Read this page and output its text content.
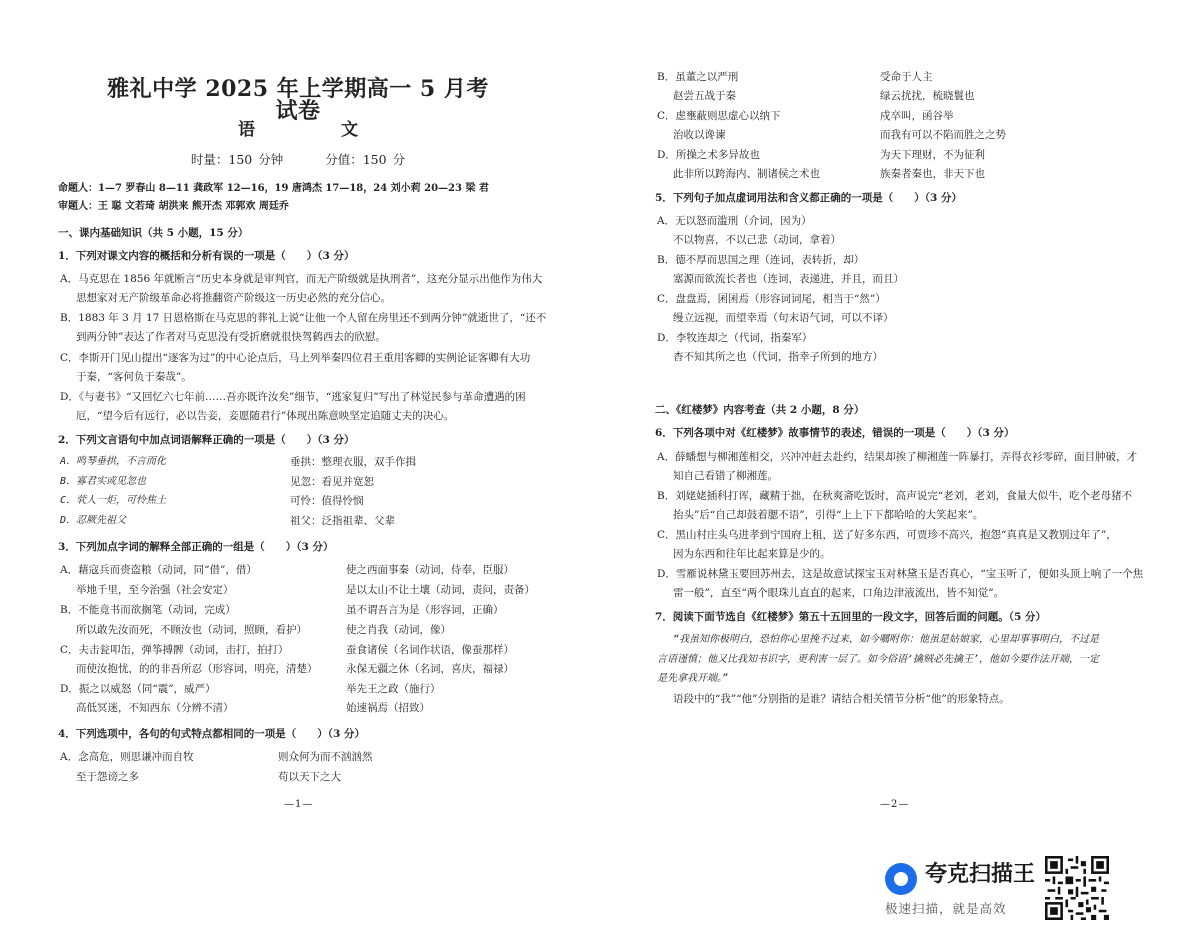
雅礼中学 2025 年上学期高一 5 月考试卷
语 文
时量：150 分钟	分值：150 分
命题人：1—7 罗春山 8—11 龚政军 12—16，19 唐鸿杰 17—18，24 刘小莉 20—23 梁 君
审题人：王 聪 文若琦 胡洪来 熊开杰 邓郭欢 周廷乔
一、课内基础知识（共 5 小题，15 分）
1．下列对课文内容的概括和分析有误的一项是（　　）（3 分）
A．马克思在 1856 年就断言“历史本身就是审判官，而无产阶级就是执刑者”，这充分显示出他作为伟大
思想家对无产阶级革命必将推翻资产阶级这一历史必然的充分信心。
B．1883 年 3 月 17 日恩格斯在马克思的葬礼上说“让他一个人留在房里还不到两分钟”就逝世了，“还不
到两分钟”表达了作者对马克思没有受折磨就很快驾鹤西去的欣慰。
C．李斯开门见山提出“逐客为过”的中心论点后，马上列举秦四位君王重用客卿的实例论证客卿有大功
于秦，“客何负于秦哉”。
D．《与妻书》“又回忆六七年前……吾亦既许汝矣”细节，“逃家复归”写出了林觉民参与革命遭遇的困
厄，“望今后有远行，必以告妾，妾愿随君行”体现出陈意映坚定追随丈夫的决心。
2．下列文言语句中加点词语解释正确的一项是（　　）（3 分）
A．鸣琴垂拱，不言而化	垂拱：整理衣服，双手作揖
B．寡君实或见忽也	见忽：看见并宽恕
C．茕人一炬，可怜焦土	可怜：值得怜悯
D．忍厥先祖父	祖父：泛指祖辈、父辈
3．下列加点字词的解释全部正确的一组是（　　）（3 分）
A．藉寇兵而赍盗粮（动词，同“借”，借）	使之西面事秦（动词，侍奉，臣服）
举地千里，至今治强（社会安定）	是以太山不让土壤（动词，责问，责备）
B．不能竟书而欲搁笔（动词，完成）	虽不谓吾言为是（形容词，正确）
所以敢先汝而死，不顾汝也（动词，照顾，看护）	使之肖我（动词，像）
C．夫击瓮叩缶，弹筝搏髀（动词，击打，拍打）	蚕食诸侯（名词作状语，像蚕那样）
而使汝抱忧，的的非吾所忍（形容词，明亮，清楚）	永保无疆之休（名词，喜庆，福禄）
D．振之以威怒（同“震”，威严）	举先王之政（施行）
高低冥迷，不知西东（分辨不清）	始速祸焉（招致）
4．下列选项中，各句的句式特点都相同的一项是（　　）（3 分）
A．念高危，则思谦冲而自牧	则众何为而不汹汹然
至于怨谤之多	苟以天下之大
—1—
B．虽董之以严刑	受命于人主
赵尝五战于秦	绿云扰扰，梳晓鬟也
C．虑壅蔽则思虚心以纳下	戍卒叫，函谷举
治收以谗谏	而我有可以不陷而胜之之势
D．所操之术多异故也	为天下理财，不为征利
此非所以跨海内、制诸侯之术也	族秦者秦也，非天下也
5．下列句子加点虚词用法和含义都正确的一项是（　　）（3 分）
A．无以怒而滥刑（介词，因为）
不以物喜，不以己悲（动词，拿着）
B．德不厚而思国之理（连词，表转折，却）
塞源而欲流长者也（连词，表递进，并且，而且）
C．盘盘焉，囷囷焉（形容词词尾，相当于“然”）
缦立远视，而望幸焉（句末语气词，可以不译）
D．李牧连却之（代词，指秦军）
杳不知其所之也（代词，指幸子所到的地方）
二、《红楼梦》内容考查（共 2 小题，8 分）
6．下列各项中对《红楼梦》故事情节的表述，错误的一项是（　　）（3 分）
A．薛蟠想与柳湘莲相交，兴冲冲赶去赴约，结果却挨了柳湘莲一阵暴打，弄得衣衫零碎，面目肿破，才
知自己看错了柳湘莲。
B．刘姥姥插科打诨，藏精于拙，在秋爽斋吃饭时，高声说完“老刘，老刘，食量大似牛，吃个老母猪不
抬头”后“自己却鼓着腮不语”，引得“上上下下都哈哈的大笑起来”。
C．黑山村庄头乌进孝到宁国府上租，送了好多东西，可贾珍不高兴，抱怨“真真是又教别过年了”，
因为东西和往年比起来算是少的。
D．雪雁说林黛玉要回苏州去，这是故意试探宝玉对林黛玉是否真心，“宝玉听了，便如头顶上响了一个焦
雷一般”，直至“两个眼珠儿直直的起来，口角边津液流出，皆不知觉”。
7．阅读下面节选自《红楼梦》第五十五回里的一段文字，回答后面的问题。（5 分）
“我虽知你极明白，恐怕你心里挽不过来，如今嘱咐你：他虽是姑娘家，心里却事事明白，不过是
言语谨慎；他又比我知书识字，更利害一层了。如今俗语‘擒贼必先擒王’，他如今要作法开端，一定
是先拿我开端。”
语段中的“我”“他”分别指的是谁？请结合相关情节分析“他”的形象特点。
—2—
夸克扫描王
极速扫描，就是高效
